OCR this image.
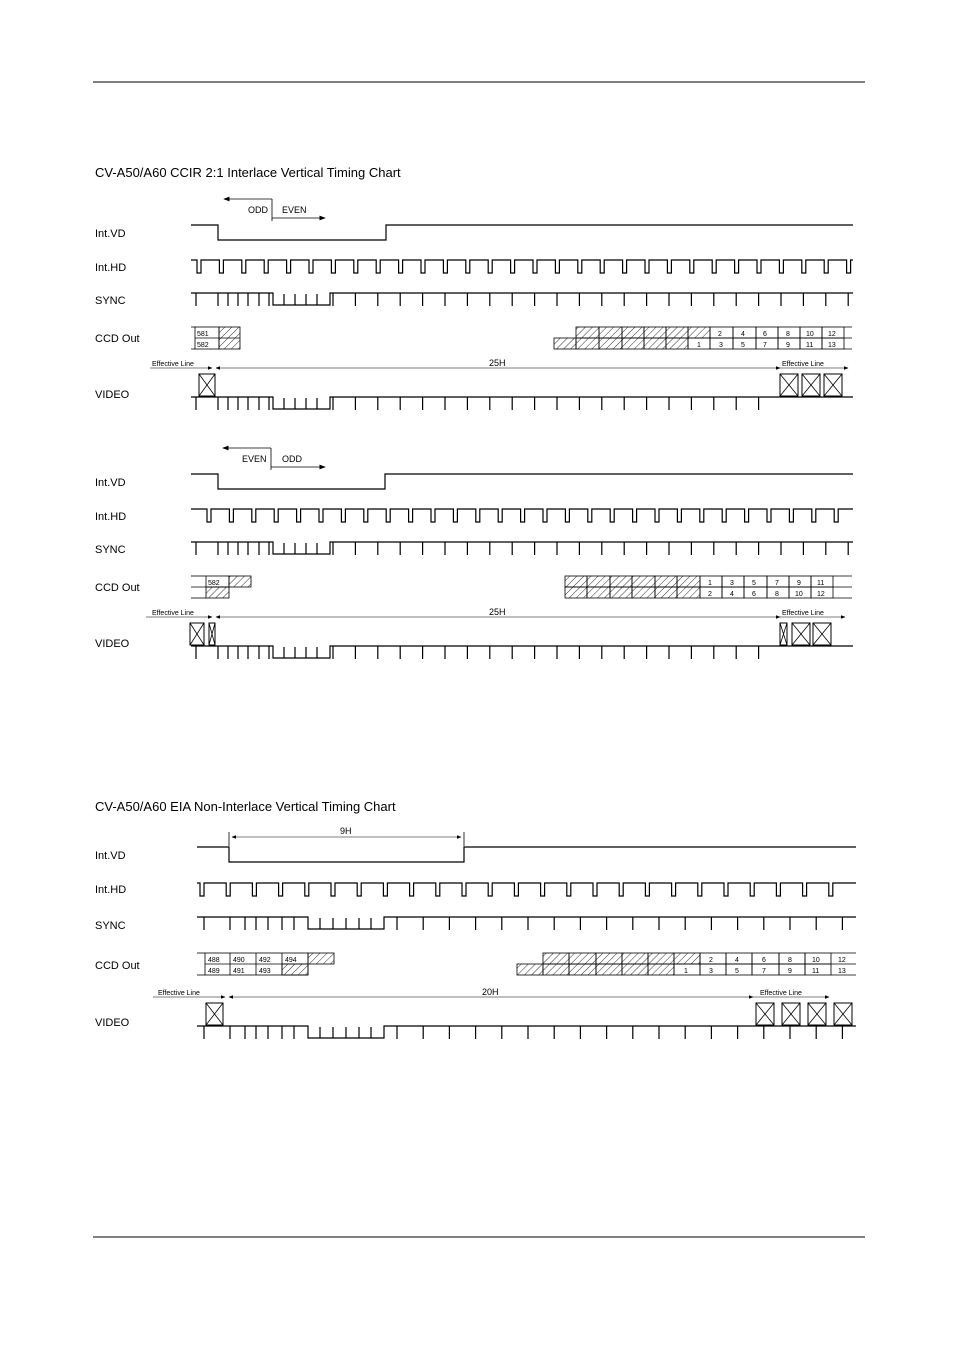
CV-A50/A60 CCIR 2:1 Interlace Vertical Timing Chart
Int.VD
Int.HD
SYNC
CCD Out
VIDEO
ODD EVEN
581
582
2	4	6	8 10 12
1	3	5	7	9 11 13
Effective Line	25H	Effective Line
Int.VD
Int.HD
SYNC
CCD Out
VIDEO
EVEN ODD
582	1	3	5	7	9 11
2	4	6	8 10 12
Effective Line	25H	Effective Line
CV-A50/A60 EIA Non-Interlace Vertical Timing Chart
Int.VD
Int.HD
SYNC
CCD Out
VIDEO
9H
488 490 492 494
489 491 493
2	4	6	8	10	12
1	3	5	7	9	11	13
Effective Line	20H	Effective Line
